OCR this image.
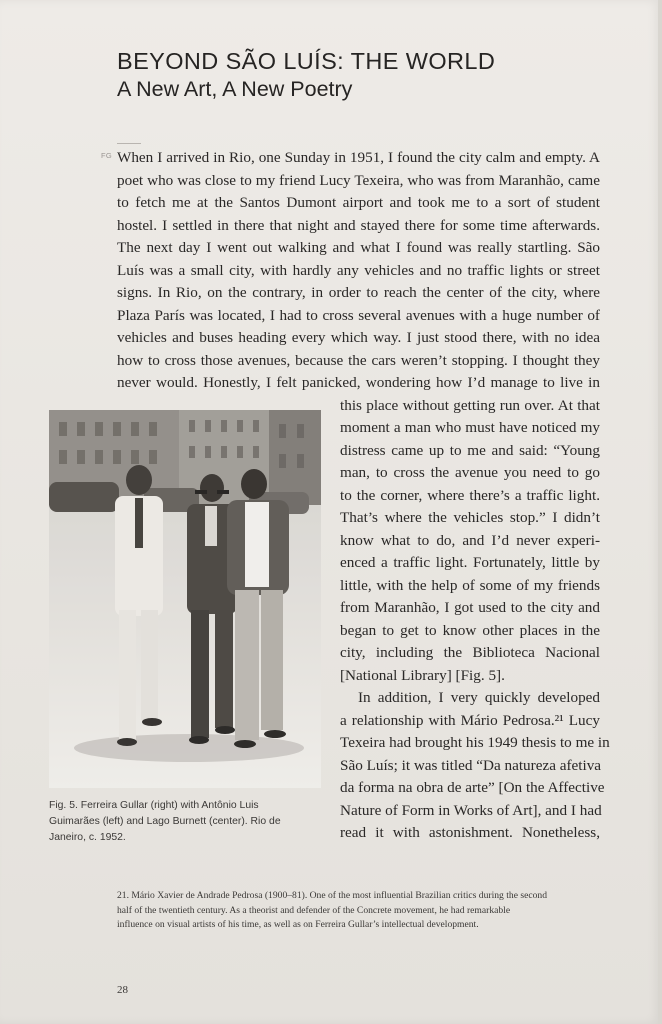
BEYOND SÃO LUÍS: THE WORLD
A New Art, A New Poetry
FG When I arrived in Rio, one Sunday in 1951, I found the city calm and empty. A
poet who was close to my friend Lucy Texeira, who was from Maranhão, came
to fetch me at the Santos Dumont airport and took me to a sort of student
hostel. I settled in there that night and stayed there for some time afterwards.
The next day I went out walking and what I found was really startling. São
Luís was a small city, with hardly any vehicles and no traffic lights or street
signs. In Rio, on the contrary, in order to reach the center of the city, where
Plaza París was located, I had to cross several avenues with a huge number of
vehicles and buses heading every which way. I just stood there, with no idea
how to cross those avenues, because the cars weren’t stopping. I thought they
never would. Honestly, I felt panicked, wondering how I’d manage to live in
this place without getting run over. At that
moment a man who must have noticed my
distress came up to me and said: “Young
man, to cross the avenue you need to go
to the corner, where there’s a traffic light.
That’s where the vehicles stop.” I didn’t
know what to do, and I’d never experi-
enced a traffic light. Fortunately, little by
little, with the help of some of my friends
from Maranhão, I got used to the city and
began to get to know other places in the
city, including the Biblioteca Nacional
[National Library] [Fig. 5].
In addition, I very quickly developed
a relationship with Mário Pedrosa.²¹ Lucy
Texeira had brought his 1949 thesis to me in
São Luís; it was titled “Da natureza afetiva
da forma na obra de arte” [On the Affective
Nature of Form in Works of Art], and I had
read it with astonishment. Nonetheless,
Fig. 5. Ferreira Gullar (right) with Antônio Luis
Guimarães (left) and Lago Burnett (center). Rio de
Janeiro, c. 1952.
21. Mário Xavier de Andrade Pedrosa (1900–81). One of the most influential Brazilian critics during the second
half of the twentieth century. As a theorist and defender of the Concrete movement, he had remarkable
influence on visual artists of his time, as well as on Ferreira Gullar’s intellectual development.
28
